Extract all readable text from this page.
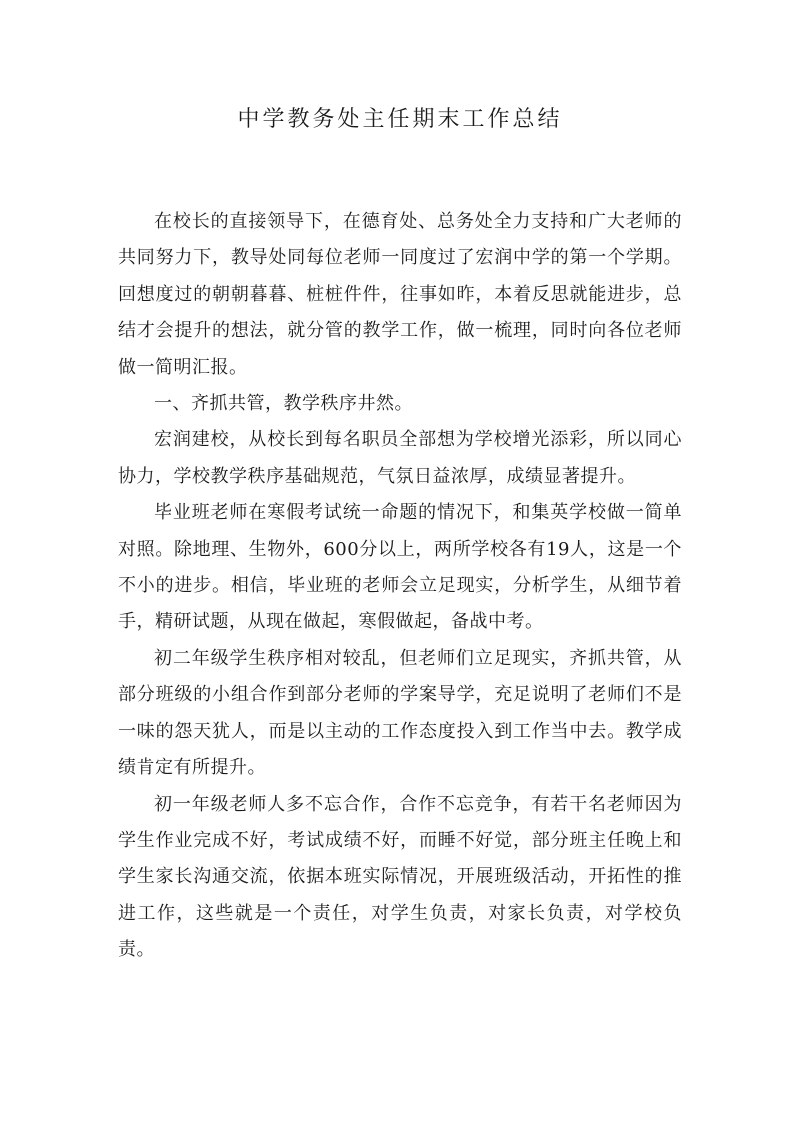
中学教务处主任期末工作总结

在校长的直接领导下，在德育处、总务处全力支持和广大老师的共同努力下，教导处同每位老师一同度过了宏润中学的第一个学期。回想度过的朝朝暮暮、桩桩件件，往事如昨，本着反思就能进步，总结才会提升的想法，就分管的教学工作，做一梳理，同时向各位老师做一简明汇报。

一、齐抓共管，教学秩序井然。

宏润建校，从校长到每名职员全部想为学校增光添彩，所以同心协力，学校教学秩序基础规范，气氛日益浓厚，成绩显著提升。

毕业班老师在寒假考试统一命题的情况下，和集英学校做一简单对照。除地理、生物外，600分以上，两所学校各有19人，这是一个不小的进步。相信，毕业班的老师会立足现实，分析学生，从细节着手，精研试题，从现在做起，寒假做起，备战中考。

初二年级学生秩序相对较乱，但老师们立足现实，齐抓共管，从部分班级的小组合作到部分老师的学案导学，充足说明了老师们不是一味的怨天犹人，而是以主动的工作态度投入到工作当中去。教学成绩肯定有所提升。

初一年级老师人多不忘合作，合作不忘竞争，有若干名老师因为学生作业完成不好，考试成绩不好，而睡不好觉，部分班主任晚上和学生家长沟通交流，依据本班实际情况，开展班级活动，开拓性的推进工作，这些就是一个责任，对学生负责，对家长负责，对学校负责。
